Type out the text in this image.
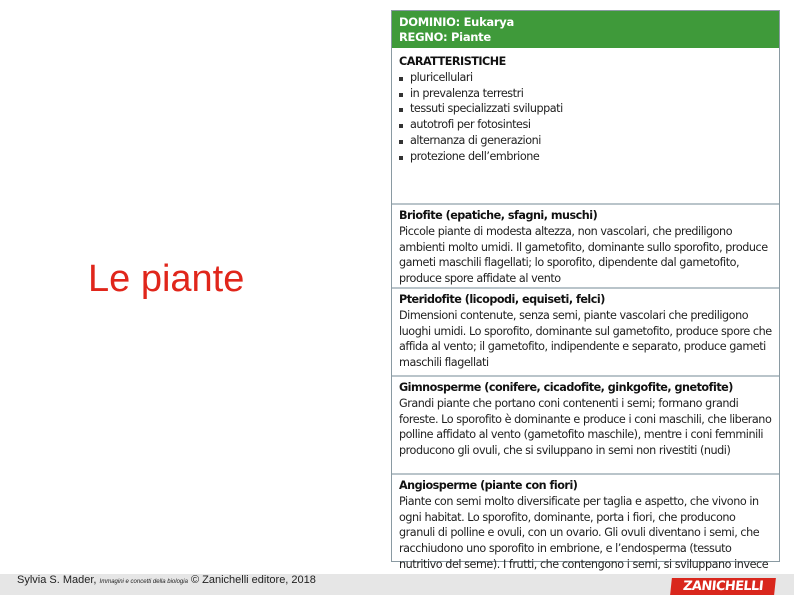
Le piante
DOMINIO: Eukarya
REGNO: Piante
CARATTERISTICHE
pluricellulari
in prevalenza terrestri
tessuti specializzati sviluppati
autotrofi per fotosintesi
alternanza di generazioni
protezione dell’embrione
Briofite (epatiche, sfagni, muschi)
Piccole piante di modesta altezza, non vascolari, che prediligono ambienti molto umidi. Il gametofito, dominante sullo sporofito, produce gameti maschili flagellati; lo sporofito, dipendente dal gametofito, produce spore affidate al vento
Pteridofite (licopodi, equiseti, felci)
Dimensioni contenute, senza semi, piante vascolari che prediligono luoghi umidi. Lo sporofito, dominante sul gametofito, produce spore che affida al vento; il gametofito, indipendente e separato, produce gameti maschili flagellati
Gimnosperme (conifere, cicadofite, ginkgofite, gnetofite)
Grandi piante che portano coni contenenti i semi; formano grandi foreste. Lo sporofito è dominante e produce i coni maschili, che liberano polline affidato al vento (gametofito maschile), mentre i coni femminili producono gli ovuli, che si sviluppano in semi non rivestiti (nudi)
Angiosperme (piante con fiori)
Piante con semi molto diversificate per taglia e aspetto, che vivono in ogni habitat. Lo sporofito, dominante, porta i fiori, che producono granuli di polline e ovuli, con un ovario. Gli ovuli diventano i semi, che racchiudono uno sporofito in embrione, e l’endosperma (tessuto nutritivo del seme). I frutti, che contengono i semi, si sviluppano invece
Sylvia S. Mader, Immagini e concetti della biologia © Zanichelli editore, 2018	ZANICHELLI
